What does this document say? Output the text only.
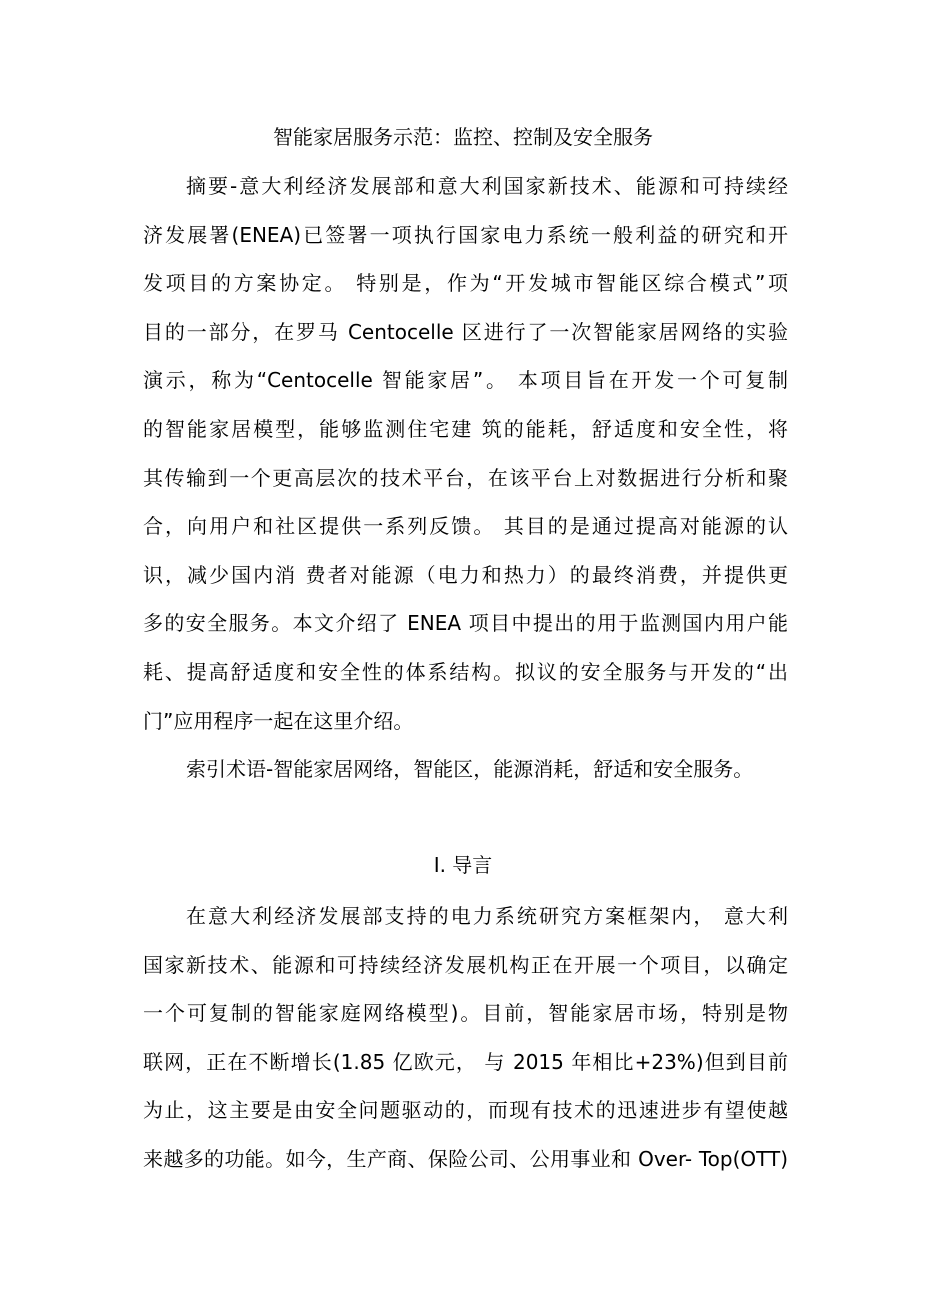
智能家居服务示范：监控、控制及安全服务
摘要-意大利经济发展部和意大利国家新技术、能源和可持续经
济发展署(ENEA)已签署一项执行国家电力系统一般利益的研究和开
发项目的方案协定。 特别是，作为“开发城市智能区综合模式”项
目的一部分，在罗马 Centocelle 区进行了一次智能家居网络的实验
演示，称为“Centocelle 智能家居”。 本项目旨在开发一个可复制
的智能家居模型，能够监测住宅建 筑的能耗，舒适度和安全性，将
其传输到一个更高层次的技术平台，在该平台上对数据进行分析和聚
合，向用户和社区提供一系列反馈。 其目的是通过提高对能源的认
识，减少国内消 费者对能源（电力和热力）的最终消费，并提供更
多的安全服务。本文介绍了 ENEA 项目中提出的用于监测国内用户能
耗、提高舒适度和安全性的体系结构。拟议的安全服务与开发的“出
门”应用程序一起在这里介绍。
索引术语-智能家居网络，智能区，能源消耗，舒适和安全服务。
I. 导言
在意大利经济发展部支持的电力系统研究方案框架内， 意大利
国家新技术、能源和可持续经济发展机构正在开展一个项目，以确定
一个可复制的智能家庭网络模型)。目前，智能家居市场，特别是物
联网，正在不断增长(1.85 亿欧元， 与 2015 年相比+23%)但到目前
为止，这主要是由安全问题驱动的，而现有技术的迅速进步有望使越
来越多的功能。如今，生产商、保险公司、公用事业和 Over- Top(OTT)
